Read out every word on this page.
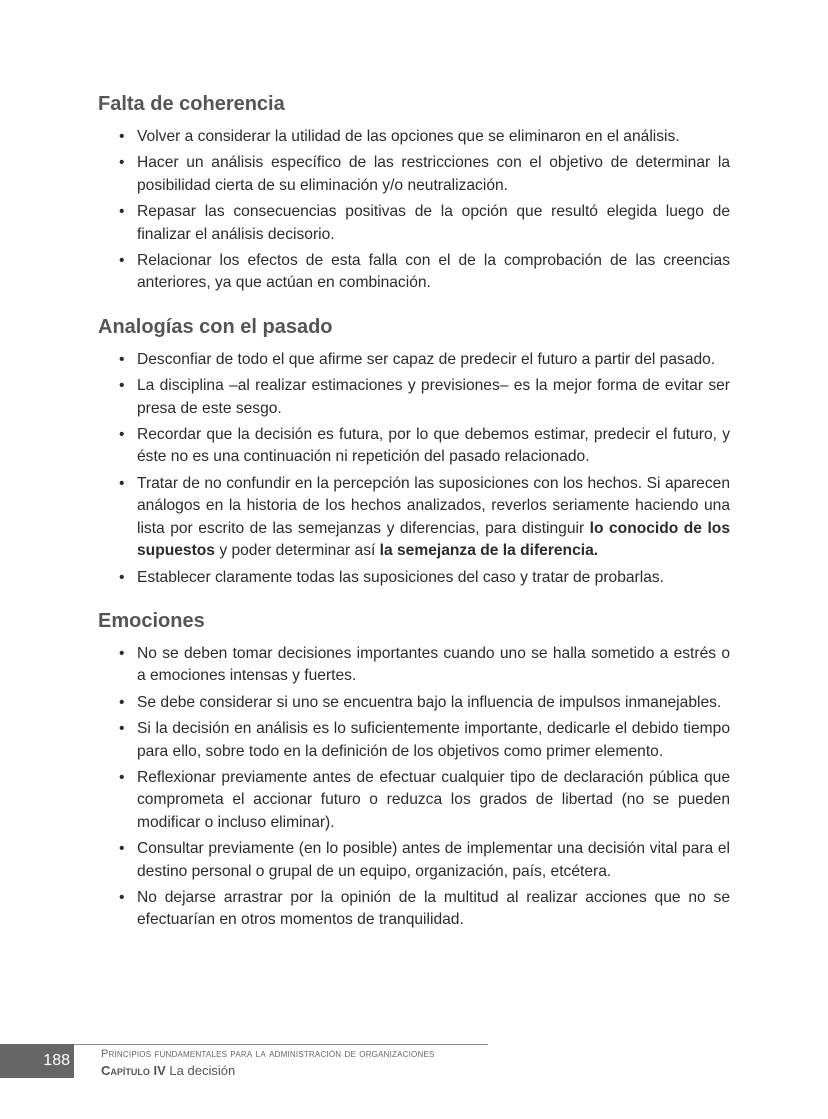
Falta de coherencia
• Volver a considerar la utilidad de las opciones que se eliminaron en el análisis.
• Hacer un análisis específico de las restricciones con el objetivo de determinar la posibilidad cierta de su eliminación y/o neutralización.
• Repasar las consecuencias positivas de la opción que resultó elegida luego de finalizar el análisis decisorio.
• Relacionar los efectos de esta falla con el de la comprobación de las creencias anteriores, ya que actúan en combinación.
Analogías con el pasado
• Desconfiar de todo el que afirme ser capaz de predecir el futuro a partir del pasado.
• La disciplina –al realizar estimaciones y previsiones– es la mejor forma de evitar ser presa de este sesgo.
• Recordar que la decisión es futura, por lo que debemos estimar, predecir el futuro, y éste no es una continuación ni repetición del pasado relacionado.
• Tratar de no confundir en la percepción las suposiciones con los hechos. Si aparecen análogos en la historia de los hechos analizados, reverlos seriamente haciendo una lista por escrito de las semejanzas y diferencias, para distinguir lo conocido de los supuestos y poder determinar así la semejanza de la diferencia.
• Establecer claramente todas las suposiciones del caso y tratar de probarlas.
Emociones
• No se deben tomar decisiones importantes cuando uno se halla sometido a estrés o a emociones intensas y fuertes.
• Se debe considerar si uno se encuentra bajo la influencia de impulsos inmanejables.
• Si la decisión en análisis es lo suficientemente importante, dedicarle el debido tiempo para ello, sobre todo en la definición de los objetivos como primer elemento.
• Reflexionar previamente antes de efectuar cualquier tipo de declaración pública que comprometa el accionar futuro o reduzca los grados de libertad (no se pueden modificar o incluso eliminar).
• Consultar previamente (en lo posible) antes de implementar una decisión vital para el destino personal o grupal de un equipo, organización, país, etcétera.
• No dejarse arrastrar por la opinión de la multitud al realizar acciones que no se efectuarían en otros momentos de tranquilidad.
188	Principios fundamentales para la administración de organizaciones
Capítulo IV La decisión
